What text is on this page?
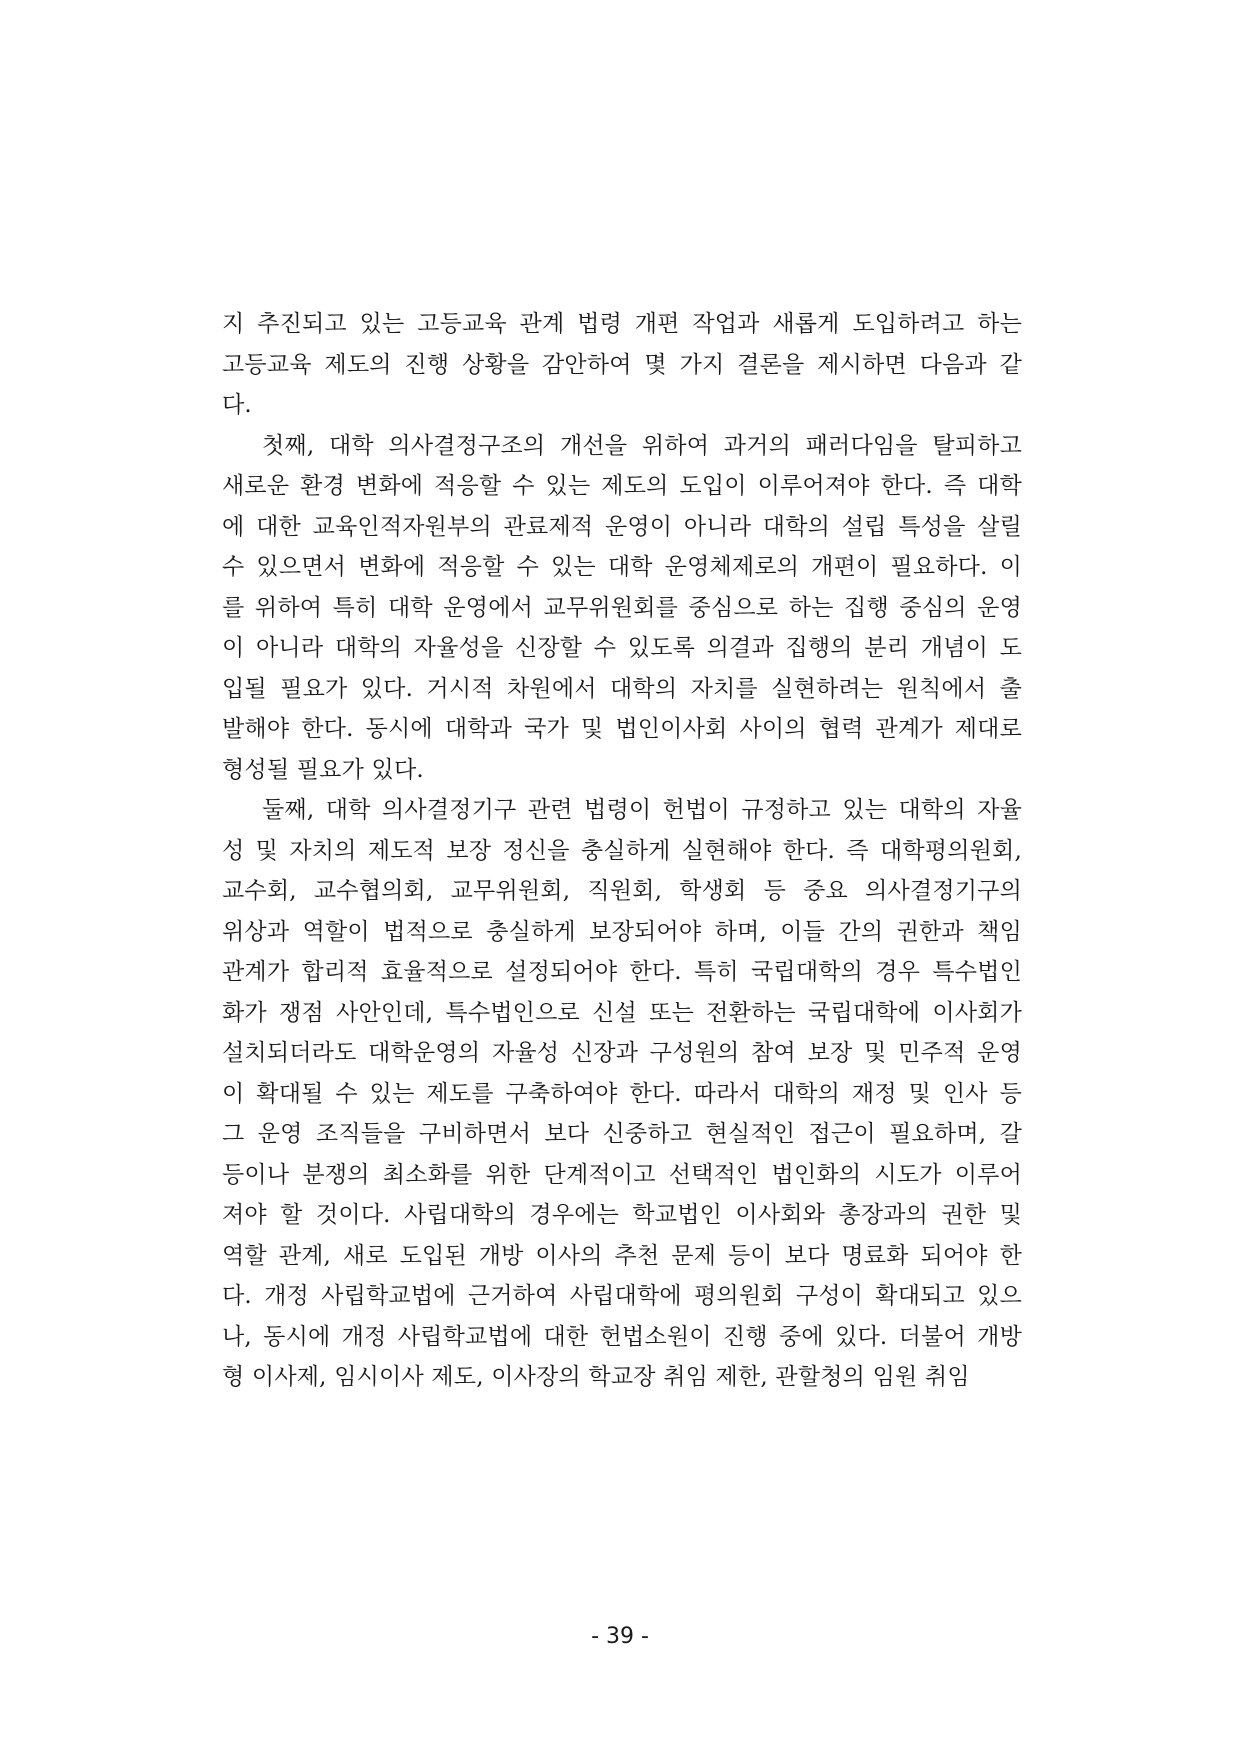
지 추진되고 있는 고등교육 관계 법령 개편 작업과 새롭게 도입하려고 하는
고등교육 제도의 진행 상황을 감안하여 몇 가지 결론을 제시하면 다음과 같
다.
첫째, 대학 의사결정구조의 개선을 위하여 과거의 패러다임을 탈피하고
새로운 환경 변화에 적응할 수 있는 제도의 도입이 이루어져야 한다. 즉 대학
에 대한 교육인적자원부의 관료제적 운영이 아니라 대학의 설립 특성을 살릴
수 있으면서 변화에 적응할 수 있는 대학 운영체제로의 개편이 필요하다. 이
를 위하여 특히 대학 운영에서 교무위원회를 중심으로 하는 집행 중심의 운영
이 아니라 대학의 자율성을 신장할 수 있도록 의결과 집행의 분리 개념이 도
입될 필요가 있다. 거시적 차원에서 대학의 자치를 실현하려는 원칙에서 출
발해야 한다. 동시에 대학과 국가 및 법인이사회 사이의 협력 관계가 제대로
형성될 필요가 있다.
둘째, 대학 의사결정기구 관련 법령이 헌법이 규정하고 있는 대학의 자율
성 및 자치의 제도적 보장 정신을 충실하게 실현해야 한다. 즉 대학평의원회,
교수회, 교수협의회, 교무위원회, 직원회, 학생회 등 중요 의사결정기구의
위상과 역할이 법적으로 충실하게 보장되어야 하며, 이들 간의 권한과 책임
관계가 합리적 효율적으로 설정되어야 한다. 특히 국립대학의 경우 특수법인
화가 쟁점 사안인데, 특수법인으로 신설 또는 전환하는 국립대학에 이사회가
설치되더라도 대학운영의 자율성 신장과 구성원의 참여 보장 및 민주적 운영
이 확대될 수 있는 제도를 구축하여야 한다. 따라서 대학의 재정 및 인사 등
그 운영 조직들을 구비하면서 보다 신중하고 현실적인 접근이 필요하며, 갈
등이나 분쟁의 최소화를 위한 단계적이고 선택적인 법인화의 시도가 이루어
져야 할 것이다. 사립대학의 경우에는 학교법인 이사회와 총장과의 권한 및
역할 관계, 새로 도입된 개방 이사의 추천 문제 등이 보다 명료화 되어야 한
다. 개정 사립학교법에 근거하여 사립대학에 평의원회 구성이 확대되고 있으
나, 동시에 개정 사립학교법에 대한 헌법소원이 진행 중에 있다. 더불어 개방
형 이사제, 임시이사 제도, 이사장의 학교장 취임 제한, 관할청의 임원 취임
- 39 -
